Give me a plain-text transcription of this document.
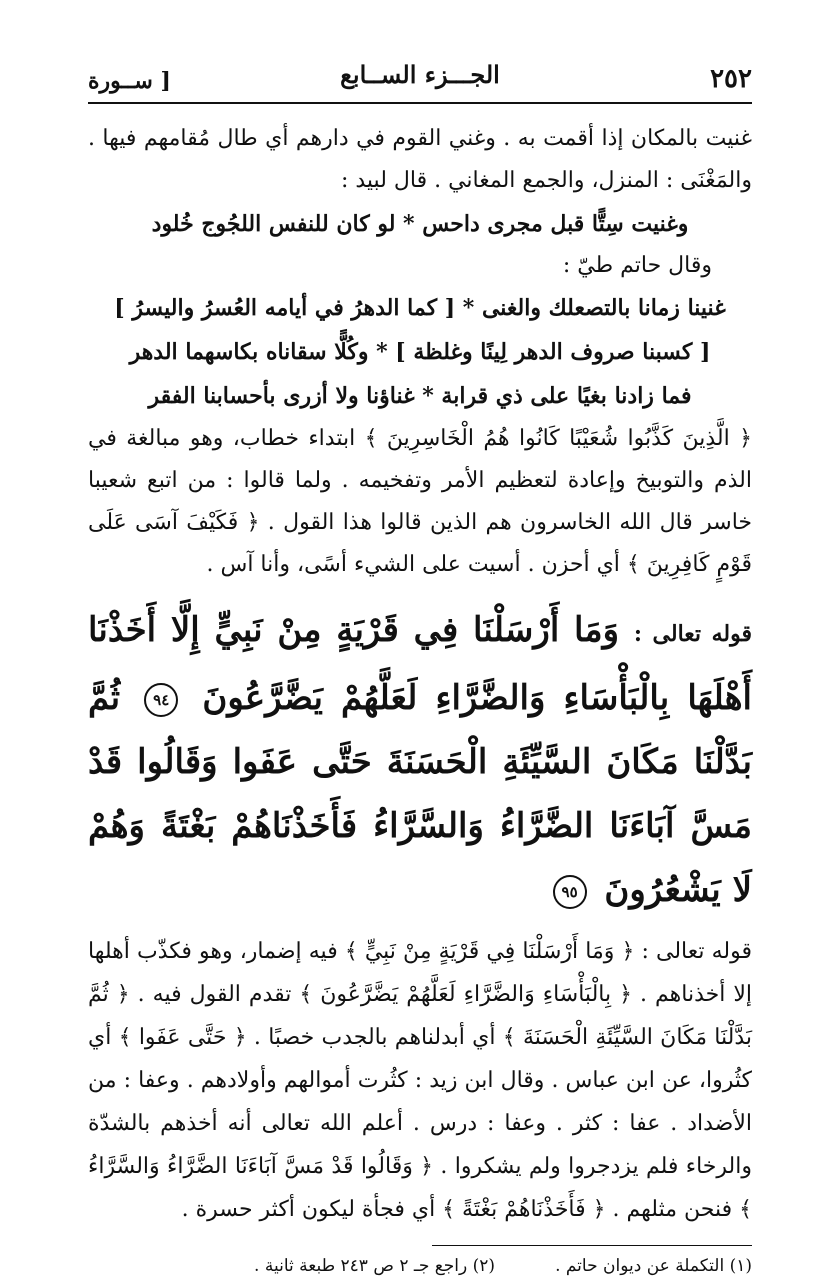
٢٥٢
الجـــزء الســابع
[ ســورة

غنيت بالمكان إذا أقمت به . وغني القوم في دارهم أي طال مُقامهم فيها . والمَغْنَى : المنزل، والجمع المغاني . قال لبيد :

وغنيت سِتًّا قبل مجرى داحس * لو كان للنفس اللجُوج خُلود

وقال حاتم طيّ :

غنينا زمانا بالتصعلك والغنى * [ كما الدهرُ في أيامه العُسرُ واليسرُ ]

[ كسبنا صروف الدهر لِينًا وغلظة ] * وكُلًّا سقاناه بكاسهما الدهر

فما زادنا بغيًا على ذي قرابة * غناؤنا ولا أزرى بأحسابنا الفقر

﴿ الَّذِينَ كَذَّبُوا شُعَيْبًا كَانُوا هُمُ الْخَاسِرِينَ ﴾ ابتداء خطاب، وهو مبالغة في الذم والتوبيخ وإعادة لتعظيم الأمر وتفخيمه . ولما قالوا : من اتبع شعيبا خاسر قال الله الخاسرون هم الذين قالوا هذا القول . ﴿ فَكَيْفَ آسَى عَلَى قَوْمٍ كَافِرِينَ ﴾ أي أحزن . أسيت على الشيء أسًى، وأنا آس .

قوله تعالى : وَمَا أَرْسَلْنَا فِي قَرْيَةٍ مِنْ نَبِيٍّ إِلَّا أَخَذْنَا أَهْلَهَا بِالْبَأْسَاءِ وَالضَّرَّاءِ لَعَلَّهُمْ يَضَّرَّعُونَ ٩٤ ثُمَّ بَدَّلْنَا مَكَانَ السَّيِّئَةِ الْحَسَنَةَ حَتَّى عَفَوا وَقَالُوا قَدْ مَسَّ آبَاءَنَا الضَّرَّاءُ وَالسَّرَّاءُ فَأَخَذْنَاهُمْ بَغْتَةً وَهُمْ لَا يَشْعُرُونَ ٩٥

قوله تعالى : ﴿ وَمَا أَرْسَلْنَا فِي قَرْيَةٍ مِنْ نَبِيٍّ ﴾ فيه إضمار، وهو فكذّب أهلها إلا أخذناهم . ﴿ بِالْبَأْسَاءِ وَالضَّرَّاءِ لَعَلَّهُمْ يَضَّرَّعُونَ ﴾ تقدم القول فيه . ﴿ ثُمَّ بَدَّلْنَا مَكَانَ السَّيِّئَةِ الْحَسَنَةَ ﴾ أي أبدلناهم بالجدب خصبًا . ﴿ حَتَّى عَفَوا ﴾ أي كثُروا، عن ابن عباس . وقال ابن زيد : كثُرت أموالهم وأولادهم . وعفا : من الأضداد . عفا : كثر . وعفا : درس . أعلم الله تعالى أنه أخذهم بالشدّة والرخاء فلم يزدجروا ولم يشكروا . ﴿ وَقَالُوا قَدْ مَسَّ آبَاءَنَا الضَّرَّاءُ وَالسَّرَّاءُ ﴾ فنحن مثلهم . ﴿ فَأَخَذْنَاهُمْ بَغْتَةً ﴾ أي فجأة ليكون أكثر حسرة .

(١) التكملة عن ديوان حاتم .
(٢) راجع جـ ٢ ص ٢٤٣ طبعة ثانية .
